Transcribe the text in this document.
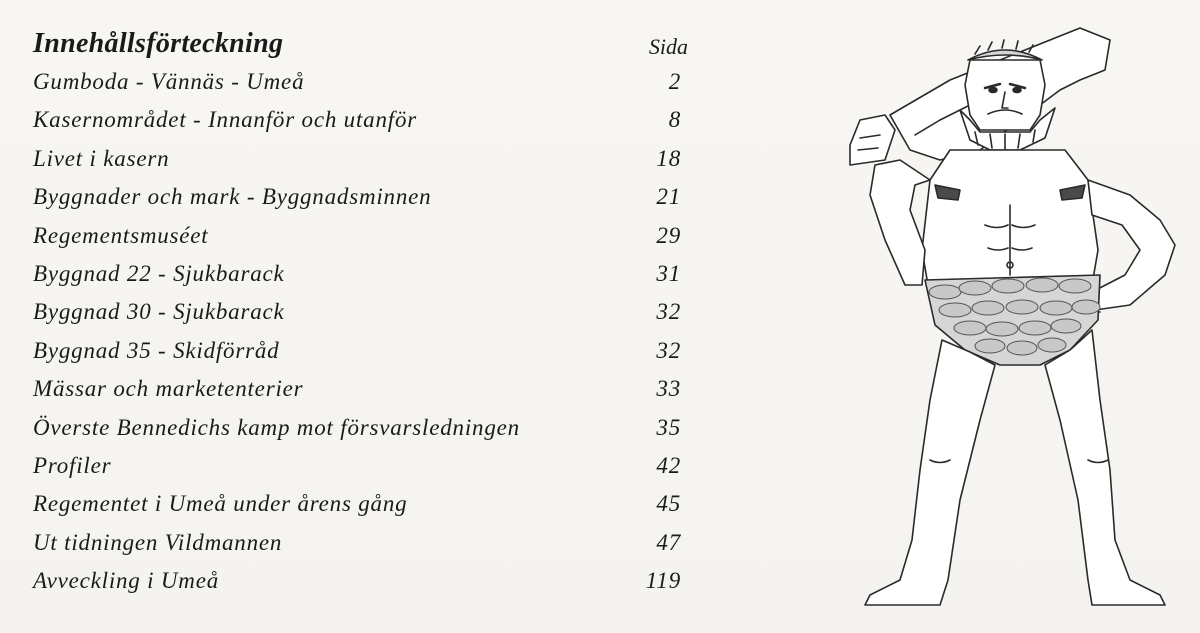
Innehållsförteckning	Sida
Gumboda - Vännäs - Umeå	2
Kasernområdet - Innanför och utanför	8
Livet i kasern	18
Byggnader och mark - Byggnadsminnen	21
Regementsmuséet	29
Byggnad 22 - Sjukbarack	31
Byggnad 30 - Sjukbarack	32
Byggnad 35 - Skidförråd	32
Mässar och marketenterier	33
Överste Bennedichs kamp mot försvarsledningen	35
Profiler	42
Regementet i Umeå under årens gång	45
Ut tidningen Vildmannen	47
Avveckling i Umeå	119
